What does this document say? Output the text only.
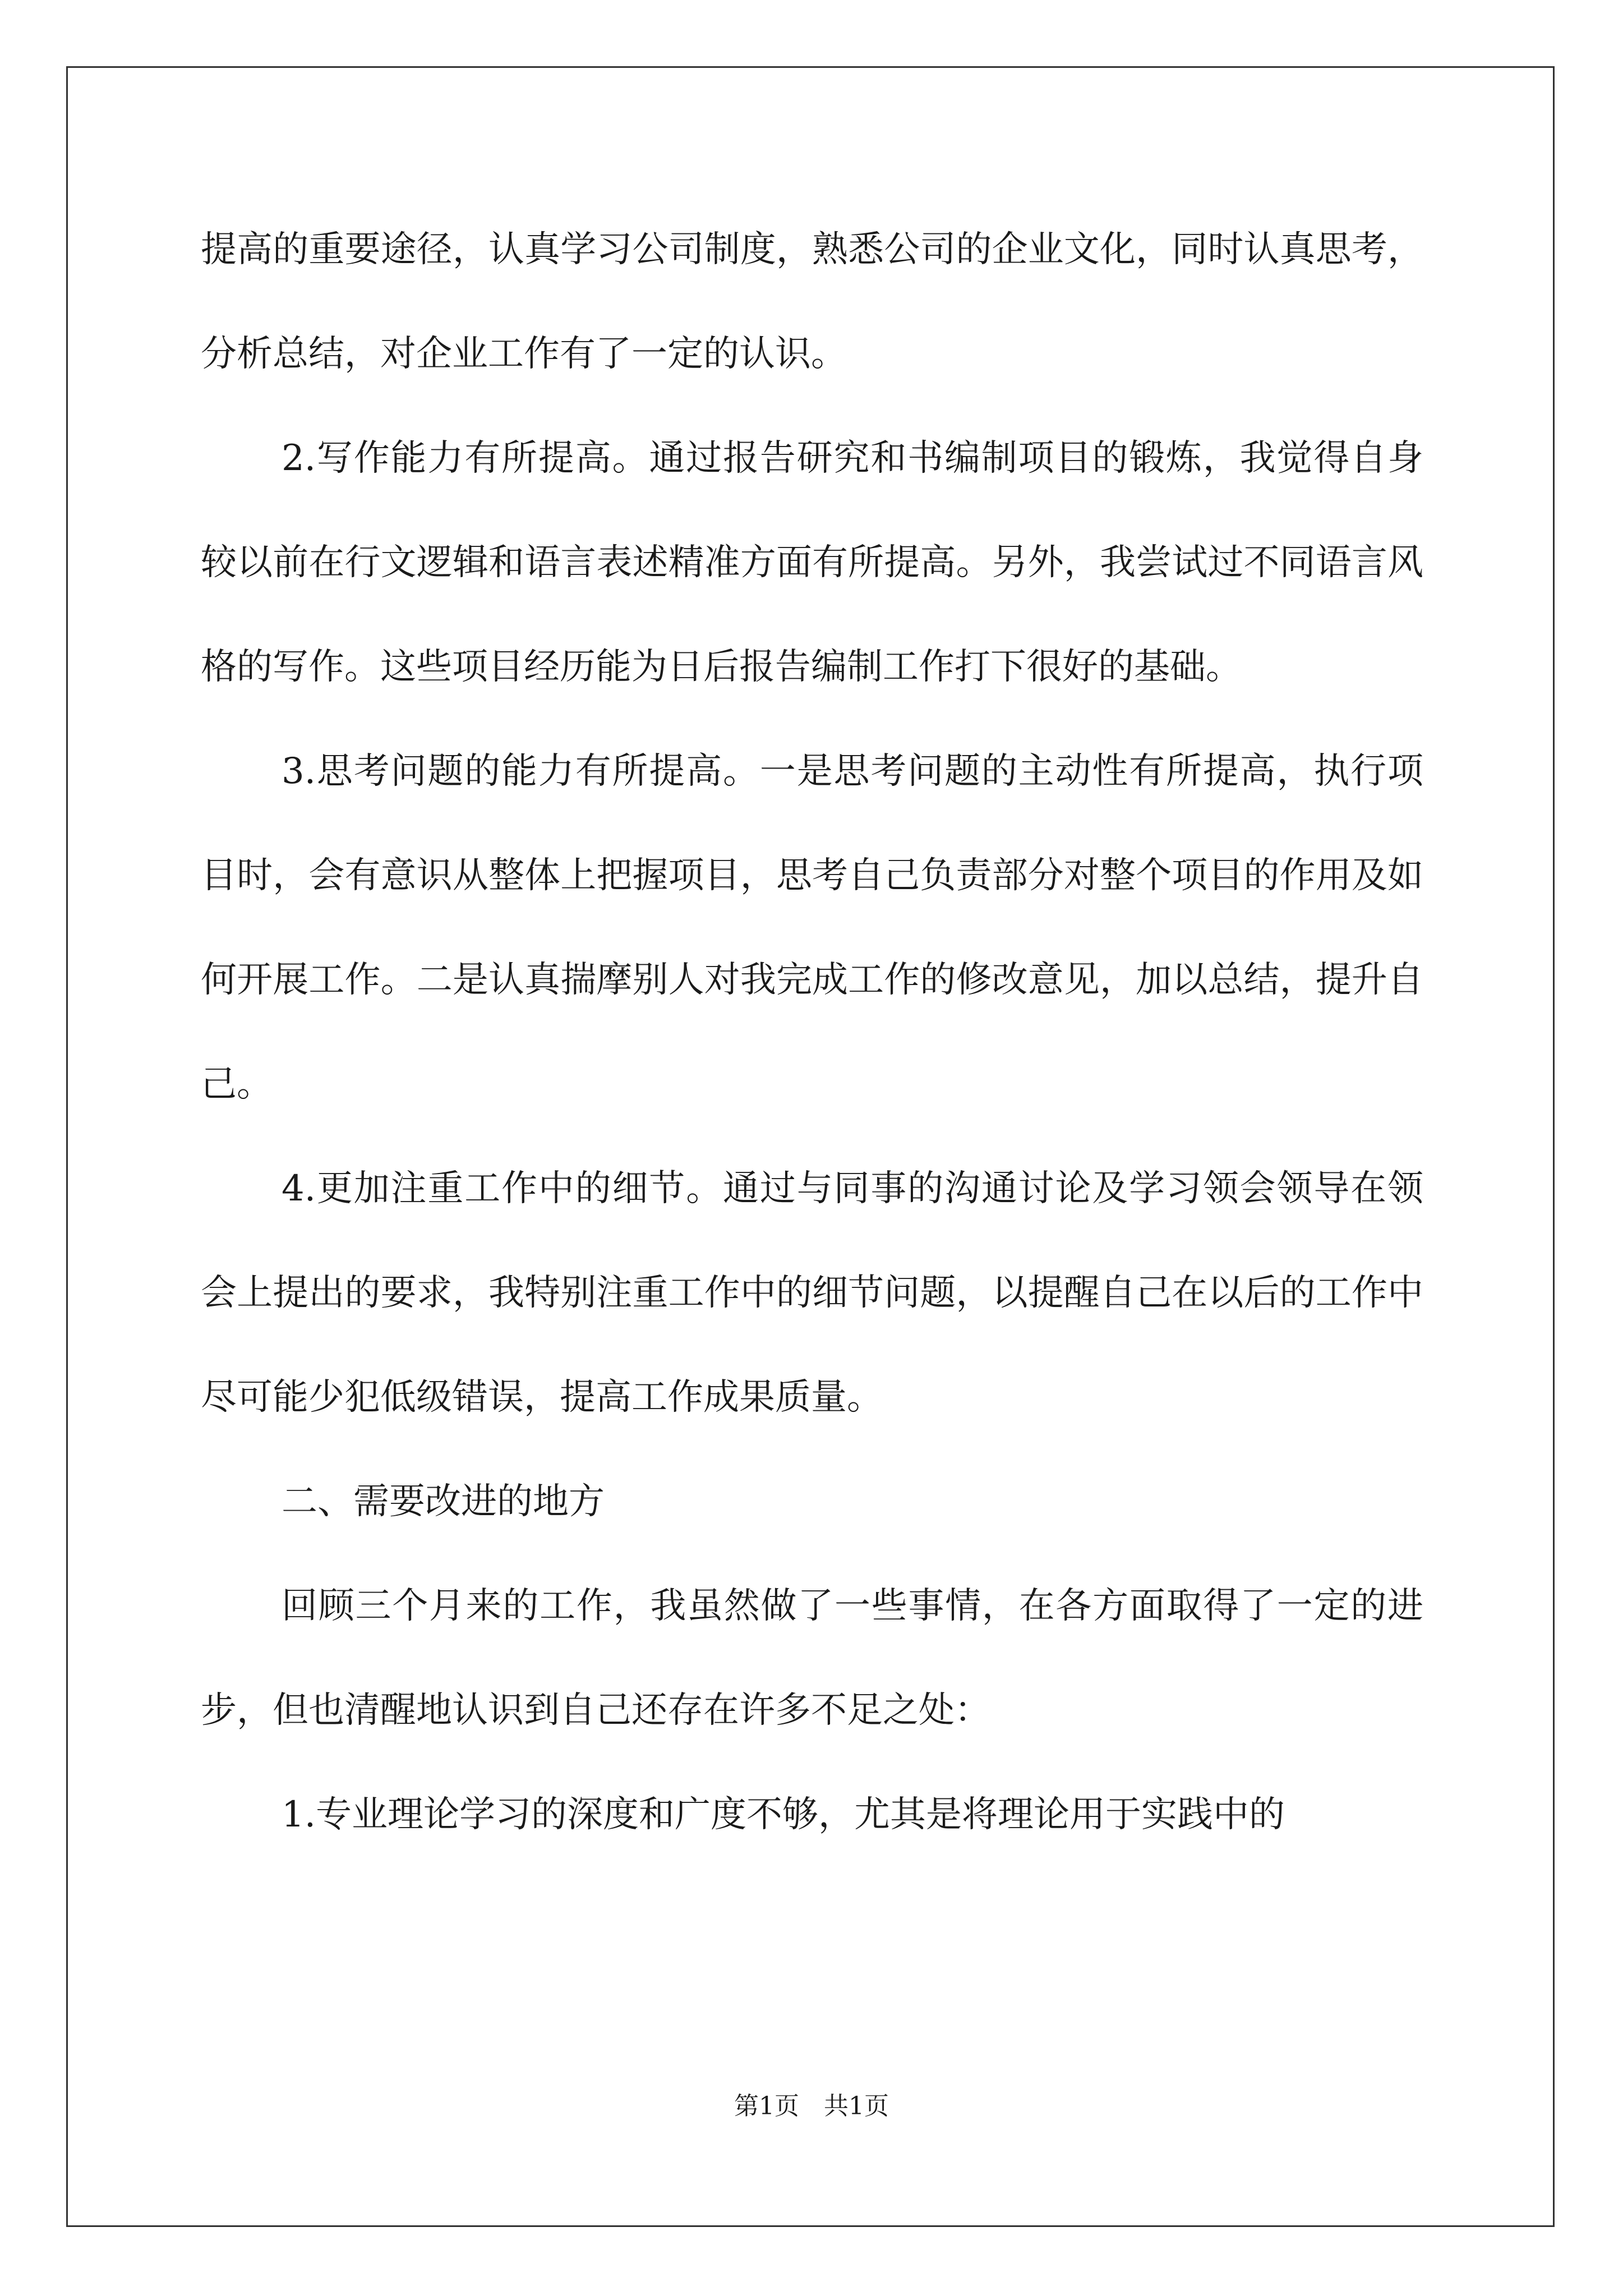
提高的重要途径，认真学习公司制度，熟悉公司的企业文化，同时认真思考，分析总结，对企业工作有了一定的认识。

2.写作能力有所提高。通过报告研究和书编制项目的锻炼，我觉得自身较以前在行文逻辑和语言表述精准方面有所提高。另外，我尝试过不同语言风格的写作。这些项目经历能为日后报告编制工作打下很好的基础。

3.思考问题的能力有所提高。一是思考问题的主动性有所提高，执行项目时，会有意识从整体上把握项目，思考自己负责部分对整个项目的作用及如何开展工作。二是认真揣摩别人对我完成工作的修改意见，加以总结，提升自己。

4.更加注重工作中的细节。通过与同事的沟通讨论及学习领会领导在领会上提出的要求，我特别注重工作中的细节问题，以提醒自己在以后的工作中尽可能少犯低级错误，提高工作成果质量。

二、需要改进的地方

回顾三个月来的工作，我虽然做了一些事情，在各方面取得了一定的进步，但也清醒地认识到自己还存在许多不足之处：

1.专业理论学习的深度和广度不够，尤其是将理论用于实践中的

第1页　共1页
